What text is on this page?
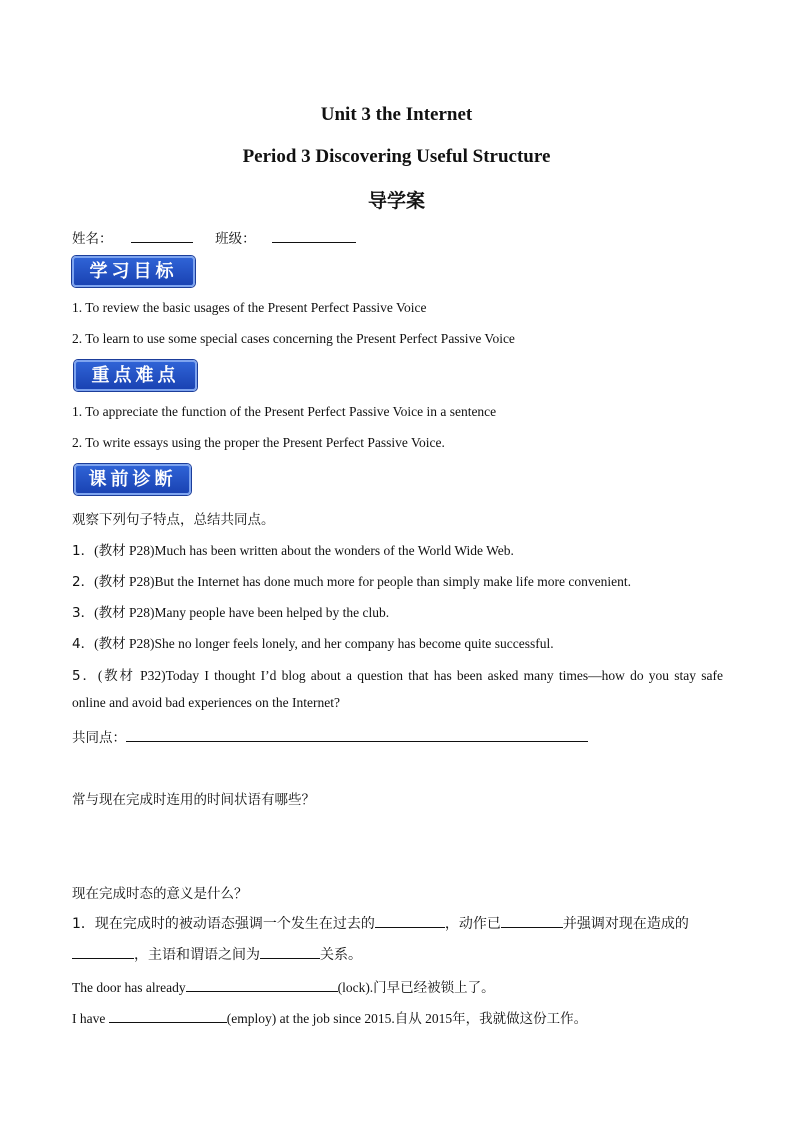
Unit 3 the Internet
Period 3 Discovering Useful Structure
导学案
姓名：	班级：
学习目标
1. To review the basic usages of the Present Perfect Passive Voice
2. To learn to use some special cases concerning the Present Perfect Passive Voice
重点难点
1. To appreciate the function of the Present Perfect Passive Voice in a sentence
2. To write essays using the proper the Present Perfect Passive Voice.
课前诊断
观察下列句子特点，总结共同点。
1．(教材 P28)Much has been written about the wonders of the World Wide Web.
2．(教材 P28)But the Internet has done much more for people than simply make life more convenient.
3．(教材 P28)Many people have been helped by the club.
4．(教材 P28)She no longer feels lonely, and her company has become quite successful.
5．(教材 P32)Today I thought I’d blog about a question that has been asked many times—how do you stay safe
online and avoid bad experiences on the Internet?
共同点：
常与现在完成时连用的时间状语有哪些？
现在完成时态的意义是什么？
1．现在完成时的被动语态强调一个发生在过去的	，动作已	并强调对现在造成的
，主语和谓语之间为	关系。
The door has already	(lock).门早已经被锁上了。
I have	(employ) at the job since 2015.自从 2015年，我就做这份工作。
